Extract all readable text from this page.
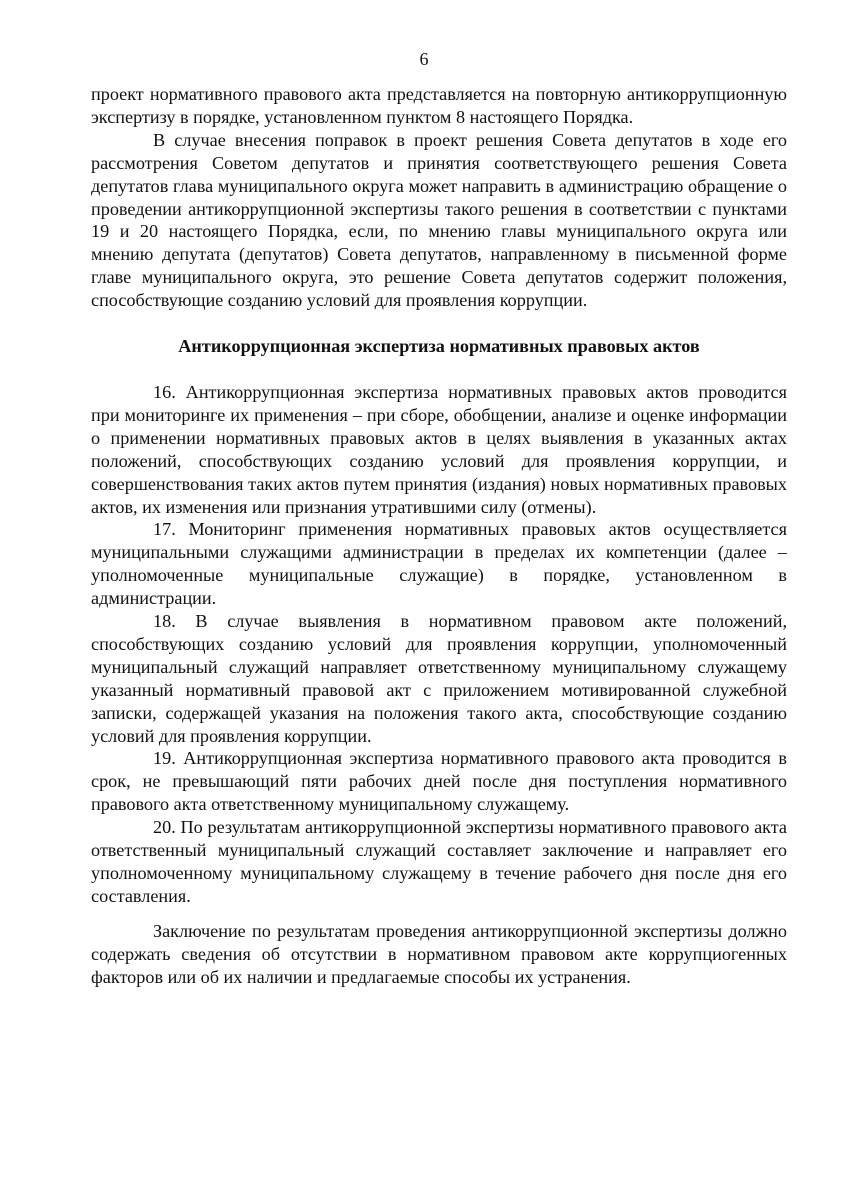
6

проект нормативного правового акта представляется на повторную антикоррупционную экспертизу в порядке, установленном пунктом 8 настоящего Порядка.

В случае внесения поправок в проект решения Совета депутатов в ходе его рассмотрения Советом депутатов и принятия соответствующего решения Совета депутатов глава муниципального округа может направить в администрацию обращение о проведении антикоррупционной экспертизы такого решения в соответствии с пунктами 19 и 20 настоящего Порядка, если, по мнению главы муниципального округа или мнению депутата (депутатов) Совета депутатов, направленному в письменной форме главе муниципального округа, это решение Совета депутатов содержит положения, способствующие созданию условий для проявления коррупции.

Антикоррупционная экспертиза нормативных правовых актов

16. Антикоррупционная экспертиза нормативных правовых актов проводится при мониторинге их применения – при сборе, обобщении, анализе и оценке информации о применении нормативных правовых актов в целях выявления в указанных актах положений, способствующих созданию условий для проявления коррупции, и совершенствования таких актов путем принятия (издания) новых нормативных правовых актов, их изменения или признания утратившими силу (отмены).

17. Мониторинг применения нормативных правовых актов осуществляется муниципальными служащими администрации в пределах их компетенции (далее –уполномоченные муниципальные служащие) в порядке, установленном в администрации.

18. В случае выявления в нормативном правовом акте положений, способствующих созданию условий для проявления коррупции, уполномоченный муниципальный служащий направляет ответственному муниципальному служащему указанный нормативный правовой акт с приложением мотивированной служебной записки, содержащей указания на положения такого акта, способствующие созданию условий для проявления коррупции.

19. Антикоррупционная экспертиза нормативного правового акта проводится в срок, не превышающий пяти рабочих дней после дня поступления нормативного правового акта ответственному муниципальному служащему.

20. По результатам антикоррупционной экспертизы нормативного правового акта ответственный муниципальный служащий составляет заключение и направляет его уполномоченному муниципальному служащему в течение рабочего дня после дня его составления.

Заключение по результатам проведения антикоррупционной экспертизы должно содержать сведения об отсутствии в нормативном правовом акте коррупциогенных факторов или об их наличии и предлагаемые способы их устранения.
